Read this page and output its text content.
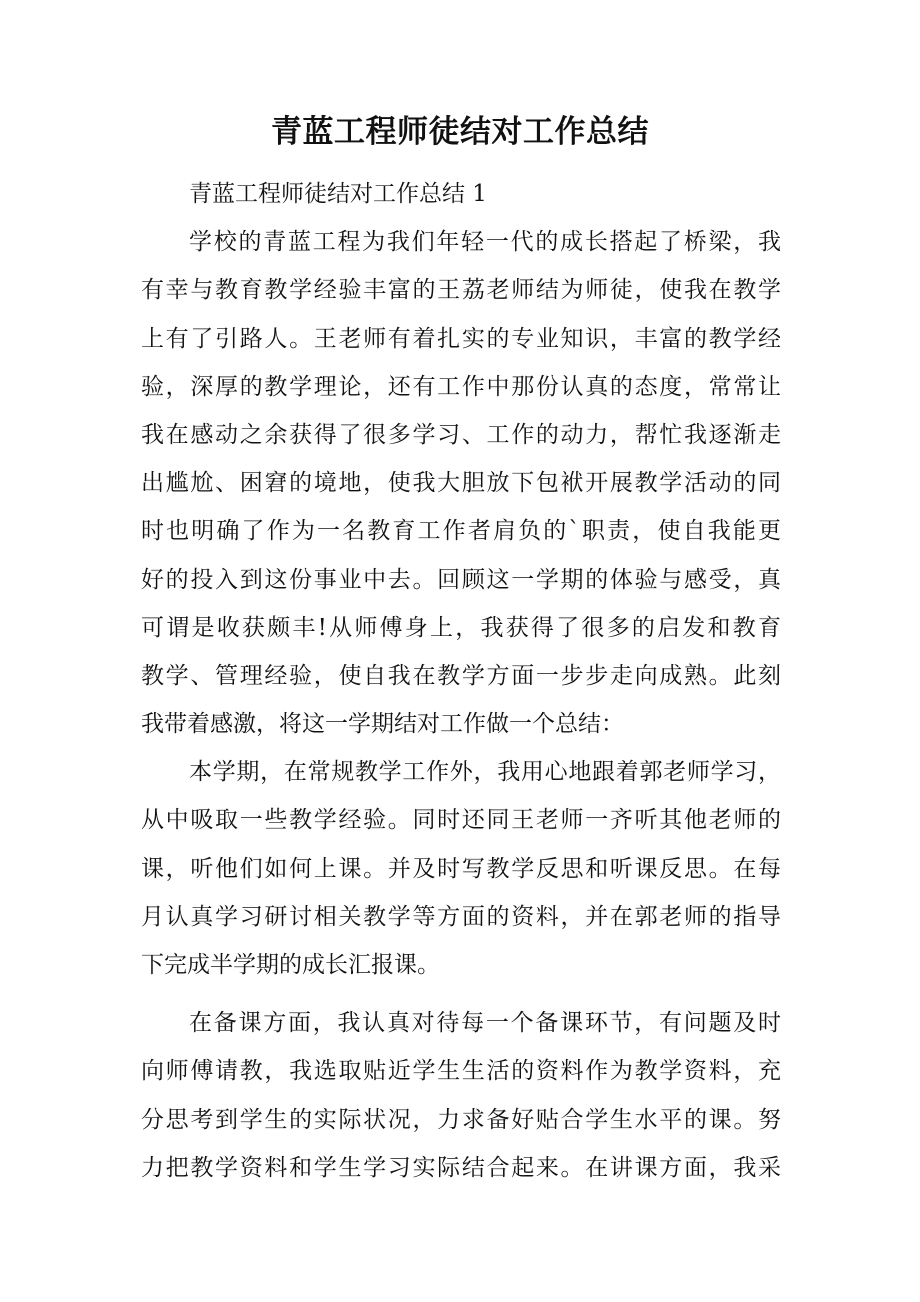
青蓝工程师徒结对工作总结
青蓝工程师徒结对工作总结 1
学校的青蓝工程为我们年轻一代的成长搭起了桥梁，我
有幸与教育教学经验丰富的王荔老师结为师徒，使我在教学
上有了引路人。王老师有着扎实的专业知识，丰富的教学经
验，深厚的教学理论，还有工作中那份认真的态度，常常让
我在感动之余获得了很多学习、工作的动力，帮忙我逐渐走
出尴尬、困窘的境地，使我大胆放下包袱开展教学活动的同
时也明确了作为一名教育工作者肩负的`职责，使自我能更
好的投入到这份事业中去。回顾这一学期的体验与感受，真
可谓是收获颇丰!从师傅身上，我获得了很多的启发和教育
教学、管理经验，使自我在教学方面一步步走向成熟。此刻
我带着感激，将这一学期结对工作做一个总结：
本学期，在常规教学工作外，我用心地跟着郭老师学习，
从中吸取一些教学经验。同时还同王老师一齐听其他老师的
课，听他们如何上课。并及时写教学反思和听课反思。在每
月认真学习研讨相关教学等方面的资料，并在郭老师的指导
下完成半学期的成长汇报课。
在备课方面，我认真对待每一个备课环节，有问题及时
向师傅请教，我选取贴近学生生活的资料作为教学资料，充
分思考到学生的实际状况，力求备好贴合学生水平的课。努
力把教学资料和学生学习实际结合起来。在讲课方面，我采
